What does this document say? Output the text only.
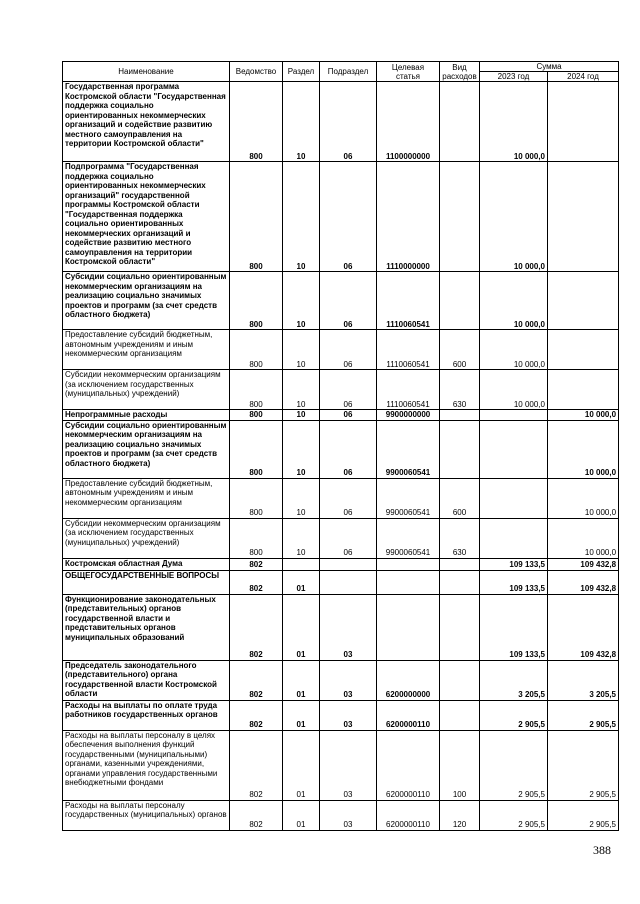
Наименование	Ведомство	Раздел	Подраздел	Целевая статья	Вид расходов	Сумма	
						2023 год	2024 год
Государственная программа Костромской области "Государственная поддержка социально ориентированных некоммерческих организаций и содействие развитию местного самоуправления на территории Костромской области"	800	10	06	1100000000		10 000,0	
Подпрограмма "Государственная поддержка социально ориентированных некоммерческих организаций" государственной программы Костромской области "Государственная поддержка социально ориентированных некоммерческих организаций и содействие развитию местного самоуправления на территории Костромской области"	800	10	06	1110000000		10 000,0	
Субсидии социально ориентированным некоммерческим организациям на реализацию социально значимых проектов и программ (за счет средств областного бюджета)	800	10	06	1110060541		10 000,0	
Предоставление субсидий бюджетным, автономным учреждениям и иным некоммерческим организациям	800	10	06	1110060541	600	10 000,0	
Субсидии некоммерческим организациям (за исключением государственных (муниципальных) учреждений)	800	10	06	1110060541	630	10 000,0	
Непрограммные расходы	800	10	06	9900000000			10 000,0
Субсидии социально ориентированным некоммерческим организациям на реализацию социально значимых проектов и программ (за счет средств областного бюджета)	800	10	06	9900060541			10 000,0
Предоставление субсидий бюджетным, автономным учреждениям и иным некоммерческим организациям	800	10	06	9900060541	600		10 000,0
Субсидии некоммерческим организациям (за исключением государственных (муниципальных) учреждений)	800	10	06	9900060541	630		10 000,0
Костромская областная Дума	802					109 133,5	109 432,8
ОБЩЕГОСУДАРСТВЕННЫЕ ВОПРОСЫ	802	01				109 133,5	109 432,8
Функционирование законодательных (представительных) органов государственной власти и представительных органов муниципальных образований	802	01	03			109 133,5	109 432,8
Председатель законодательного (представительного) органа государственной власти Костромской области	802	01	03	6200000000		3 205,5	3 205,5
Расходы на выплаты по оплате труда работников государственных органов	802	01	03	6200000110		2 905,5	2 905,5
Расходы на выплаты персоналу в целях обеспечения выполнения функций государственными (муниципальными) органами, казенными учреждениями, органами управления государственными внебюджетными фондами	802	01	03	6200000110	100	2 905,5	2 905,5
Расходы на выплаты персоналу государственных (муниципальных) органов	802	01	03	6200000110	120	2 905,5	2 905,5
388
